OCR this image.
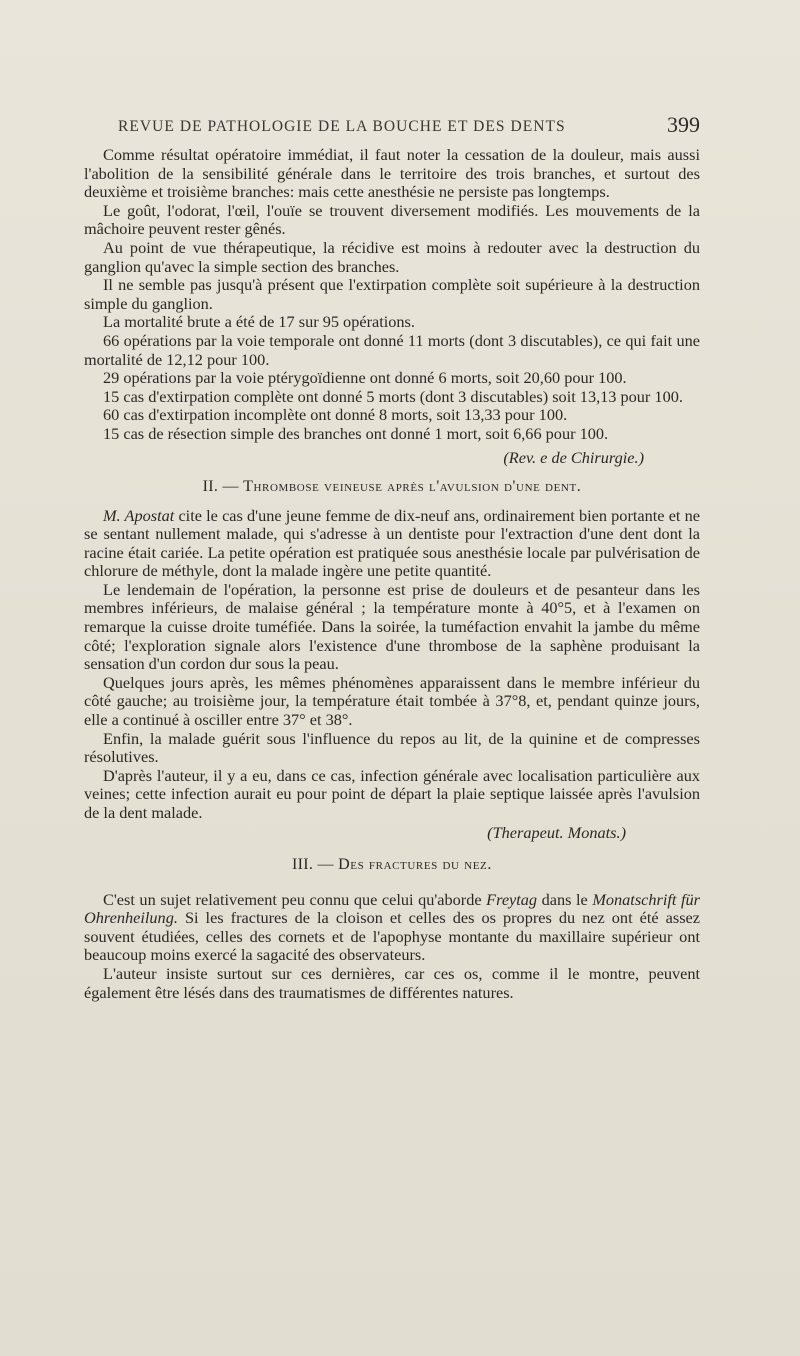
REVUE DE PATHOLOGIE DE LA BOUCHE ET DES DENTS	399

Comme résultat opératoire immédiat, il faut noter la cessation de la douleur, mais aussi l'abolition de la sensibilité générale dans le territoire des trois branches, et surtout des deuxième et troisième branches: mais cette anesthésie ne persiste pas longtemps.

Le goût, l'odorat, l'œil, l'ouïe se trouvent diversement modifiés. Les mouvements de la mâchoire peuvent rester gênés.

Au point de vue thérapeutique, la récidive est moins à redouter avec la destruction du ganglion qu'avec la simple section des branches.

Il ne semble pas jusqu'à présent que l'extirpation complète soit supérieure à la destruction simple du ganglion.

La mortalité brute a été de 17 sur 95 opérations.

66 opérations par la voie temporale ont donné 11 morts (dont 3 discutables), ce qui fait une mortalité de 12,12 pour 100.

29 opérations par la voie ptérygoïdienne ont donné 6 morts, soit 20,60 pour 100.

15 cas d'extirpation complète ont donné 5 morts (dont 3 discutables) soit 13,13 pour 100.

60 cas d'extirpation incomplète ont donné 8 morts, soit 13,33 pour 100.

15 cas de résection simple des branches ont donné 1 mort, soit 6,66 pour 100.

(Rev. e de Chirurgie.)
II. — Thrombose veineuse après l'avulsion d'une dent.

M. Apostat cite le cas d'une jeune femme de dix-neuf ans, ordinairement bien portante et ne se sentant nullement malade, qui s'adresse à un dentiste pour l'extraction d'une dent dont la racine était cariée. La petite opération est pratiquée sous anesthésie locale par pulvérisation de chlorure de méthyle, dont la malade ingère une petite quantité.

Le lendemain de l'opération, la personne est prise de douleurs et de pesanteur dans les membres inférieurs, de malaise général ; la température monte à 40°5, et à l'examen on remarque la cuisse droite tuméfiée. Dans la soirée, la tuméfaction envahit la jambe du même côté; l'exploration signale alors l'existence d'une thrombose de la saphène produisant la sensation d'un cordon dur sous la peau.

Quelques jours après, les mêmes phénomènes apparaissent dans le membre inférieur du côté gauche; au troisième jour, la température était tombée à 37°8, et, pendant quinze jours, elle a continué à osciller entre 37° et 38°.

Enfin, la malade guérit sous l'influence du repos au lit, de la quinine et de compresses résolutives.

D'après l'auteur, il y a eu, dans ce cas, infection générale avec localisation particulière aux veines; cette infection aurait eu pour point de départ la plaie septique laissée après l'avulsion de la dent malade.

(Therapeut. Monats.)
III. — Des fractures du nez.

C'est un sujet relativement peu connu que celui qu'aborde Freytag dans le Monatschrift für Ohrenheilung. Si les fractures de la cloison et celles des os propres du nez ont été assez souvent étudiées, celles des cornets et de l'apophyse montante du maxillaire supérieur ont beaucoup moins exercé la sagacité des observateurs.

L'auteur insiste surtout sur ces dernières, car ces os, comme il le montre, peuvent également être lésés dans des traumatismes de différentes natures.
